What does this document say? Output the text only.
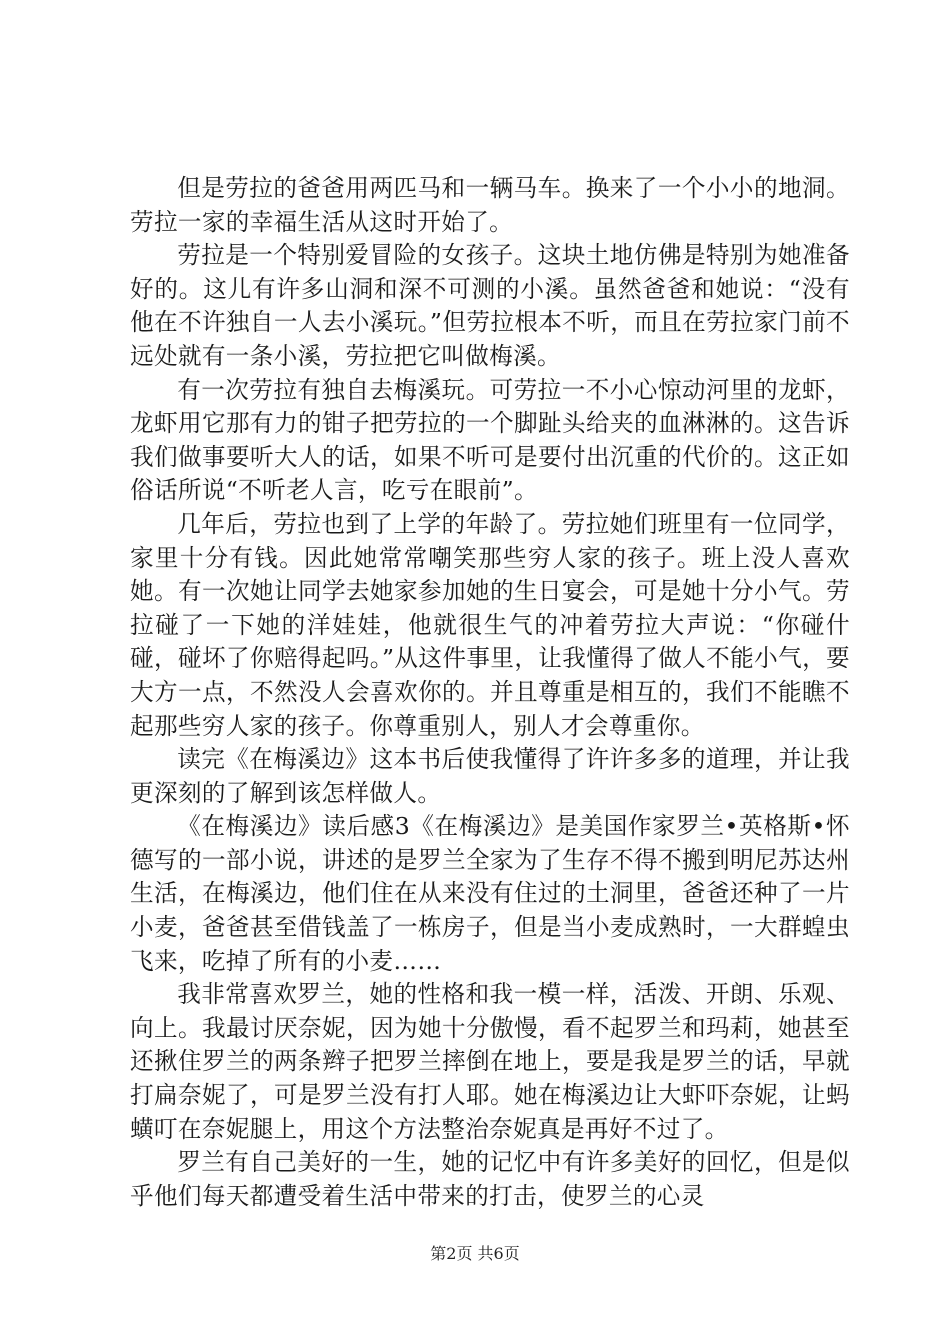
但是劳拉的爸爸用两匹马和一辆马车。换来了一个小小的地洞。劳拉一家的幸福生活从这时开始了。

劳拉是一个特别爱冒险的女孩子。这块土地仿佛是特别为她准备好的。这儿有许多山洞和深不可测的小溪。虽然爸爸和她说：“没有他在不许独自一人去小溪玩。”但劳拉根本不听，而且在劳拉家门前不远处就有一条小溪，劳拉把它叫做梅溪。

有一次劳拉有独自去梅溪玩。可劳拉一不小心惊动河里的龙虾，龙虾用它那有力的钳子把劳拉的一个脚趾头给夹的血淋淋的。这告诉我们做事要听大人的话，如果不听可是要付出沉重的代价的。这正如俗话所说“不听老人言，吃亏在眼前”。

几年后，劳拉也到了上学的年龄了。劳拉她们班里有一位同学，家里十分有钱。因此她常常嘲笑那些穷人家的孩子。班上没人喜欢她。有一次她让同学去她家参加她的生日宴会，可是她十分小气。劳拉碰了一下她的洋娃娃，他就很生气的冲着劳拉大声说：“你碰什碰，碰坏了你赔得起吗。”从这件事里，让我懂得了做人不能小气，要大方一点，不然没人会喜欢你的。并且尊重是相互的，我们不能瞧不起那些穷人家的孩子。你尊重别人，别人才会尊重你。

读完《在梅溪边》这本书后使我懂得了许许多多的道理，并让我更深刻的了解到该怎样做人。

《在梅溪边》读后感3《在梅溪边》是美国作家罗兰•英格斯•怀德写的一部小说，讲述的是罗兰全家为了生存不得不搬到明尼苏达州生活，在梅溪边，他们住在从来没有住过的土洞里，爸爸还种了一片小麦，爸爸甚至借钱盖了一栋房子，但是当小麦成熟时，一大群蝗虫飞来，吃掉了所有的小麦……

我非常喜欢罗兰，她的性格和我一模一样，活泼、开朗、乐观、向上。我最讨厌奈妮，因为她十分傲慢，看不起罗兰和玛莉，她甚至还揪住罗兰的两条辫子把罗兰摔倒在地上，要是我是罗兰的话，早就打扁奈妮了，可是罗兰没有打人耶。她在梅溪边让大虾吓奈妮，让蚂蟥叮在奈妮腿上，用这个方法整治奈妮真是再好不过了。

罗兰有自己美好的一生，她的记忆中有许多美好的回忆，但是似乎他们每天都遭受着生活中带来的打击，使罗兰的心灵

第2页 共6页
